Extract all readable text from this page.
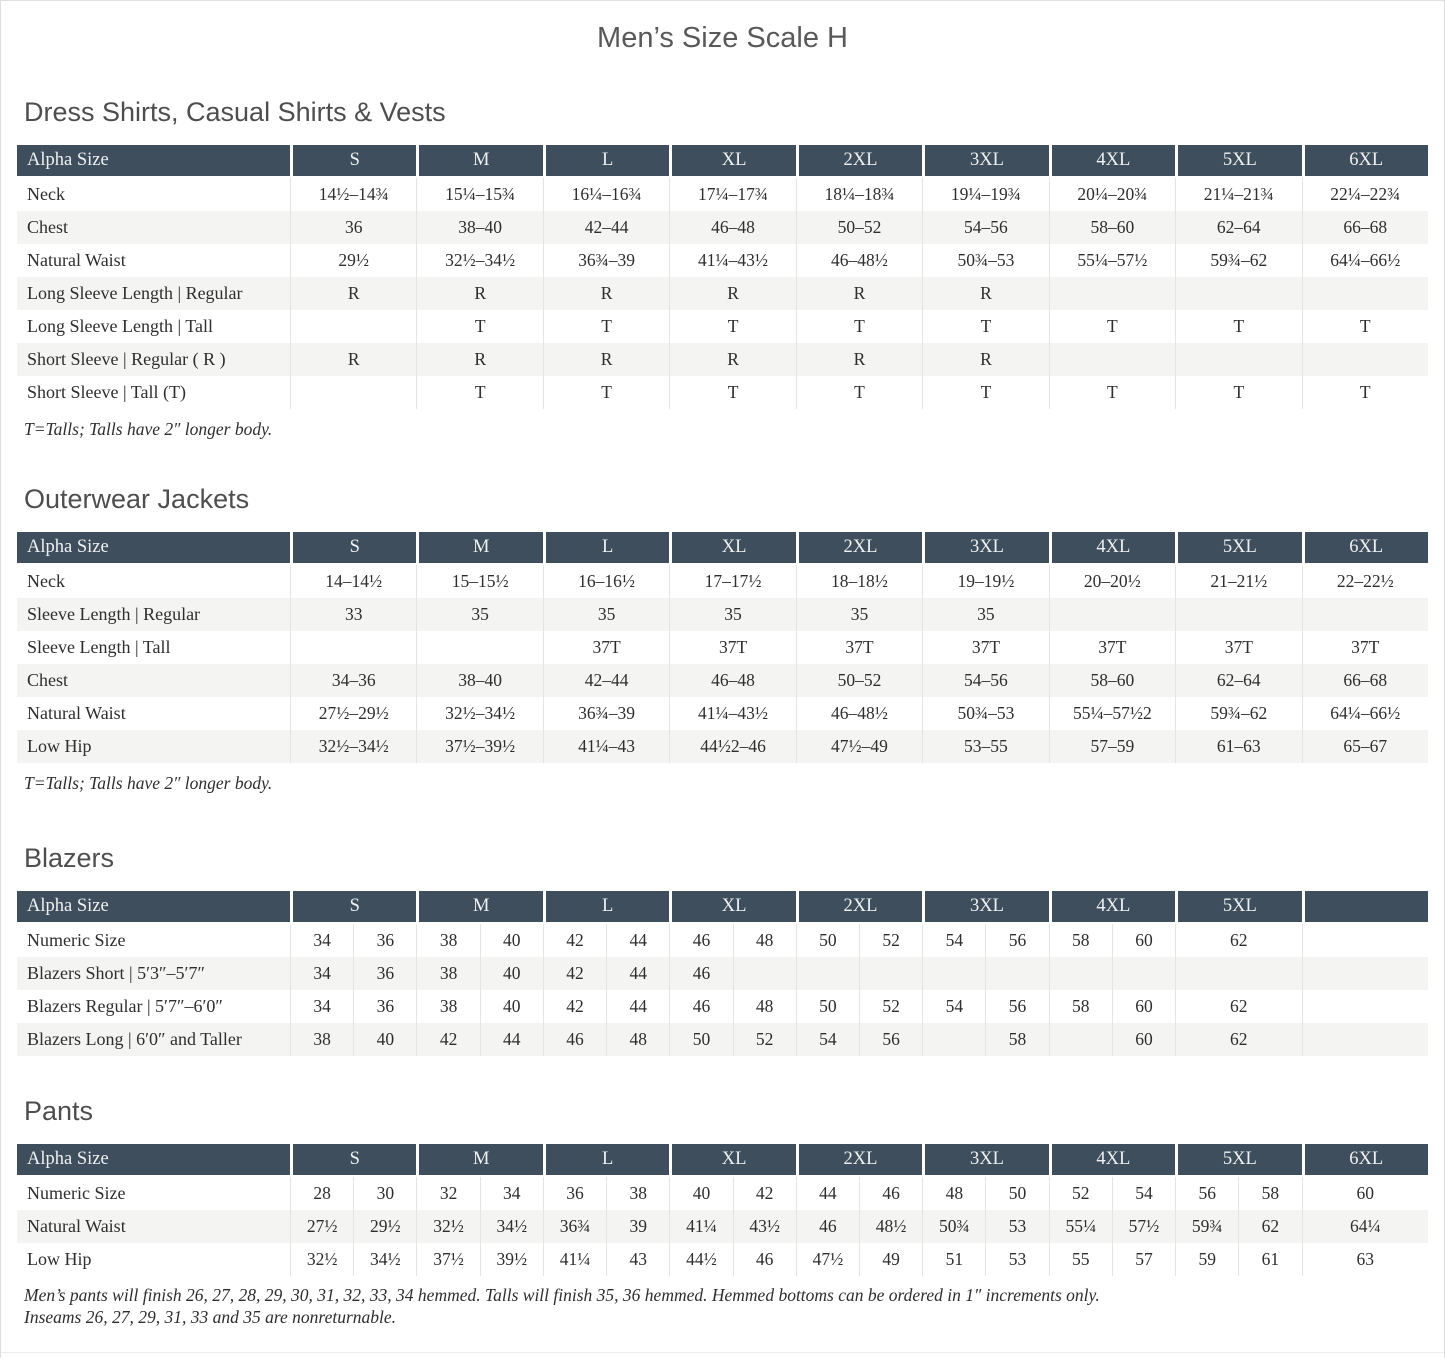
Men’s Size Scale H
Dress Shirts, Casual Shirts & Vests
Alpha Size	S	M	L	XL	2XL	3XL	4XL	5XL	6XL
Neck	14½–14¾	15¼–15¾	16¼–16¾	17¼–17¾	18¼–18¾	19¼–19¾	20¼–20¾	21¼–21¾	22¼–22¾
Chest	36	38–40	42–44	46–48	50–52	54–56	58–60	62–64	66–68
Natural Waist	29½	32½–34½	36¾–39	41¼–43½	46–48½	50¾–53	55¼–57½	59¾–62	64¼–66½
Long Sleeve Length | Regular	R	R	R	R	R	R			
Long Sleeve Length | Tall		T	T	T	T	T	T	T	T
Short Sleeve | Regular ( R )	R	R	R	R	R	R			
Short Sleeve | Tall (T)		T	T	T	T	T	T	T	T
T=Talls; Talls have 2″ longer body.
Outerwear Jackets
Alpha Size	S	M	L	XL	2XL	3XL	4XL	5XL	6XL
Neck	14–14½	15–15½	16–16½	17–17½	18–18½	19–19½	20–20½	21–21½	22–22½
Sleeve Length | Regular	33	35	35	35	35	35			
Sleeve Length | Tall			37T	37T	37T	37T	37T	37T	37T
Chest	34–36	38–40	42–44	46–48	50–52	54–56	58–60	62–64	66–68
Natural Waist	27½–29½	32½–34½	36¾–39	41¼–43½	46–48½	50¾–53	55¼–57½2	59¾–62	64¼–66½
Low Hip	32½–34½	37½–39½	41¼–43	44½2–46	47½–49	53–55	57–59	61–63	65–67
T=Talls; Talls have 2″ longer body.
Blazers
Alpha Size	S	M	L	XL	2XL	3XL	4XL	5XL	
Numeric Size	34 36	38 40	42 44	46 48	50 52	54 56	58 60	62	
Blazers Short | 5′3″–5′7″	34 36	38 40	42 44	46					

Blazers Regular | 5′7″–6′0″	34 36	38 40	42 44	46 48	50 52	54 56	58 60	62	
Blazers Long | 6′0″ and Taller	38 40	42 44	46 48	50 52	54 56	58	60	62	
Pants
Alpha Size	S	M	L	XL	2XL	3XL	4XL	5XL	6XL
Numeric Size	28 30	32 34	36 38	40 42	44 46	48 50	52 54	56 58	60
Natural Waist	27½ 29½	32½ 34½	36¾ 39	41¼ 43½	46 48½	50¾ 53	55¼ 57½	59¾ 62	64¼
Low Hip	32½ 34½	37½ 39½	41¼ 43	44½ 46	47½ 49	51 53	55 57	59 61	63
Men’s pants will finish 26, 27, 28, 29, 30, 31, 32, 33, 34 hemmed. Talls will finish 35, 36 hemmed. Hemmed bottoms can be ordered in 1″ increments only.
Inseams 26, 27, 29, 31, 33 and 35 are nonreturnable.
